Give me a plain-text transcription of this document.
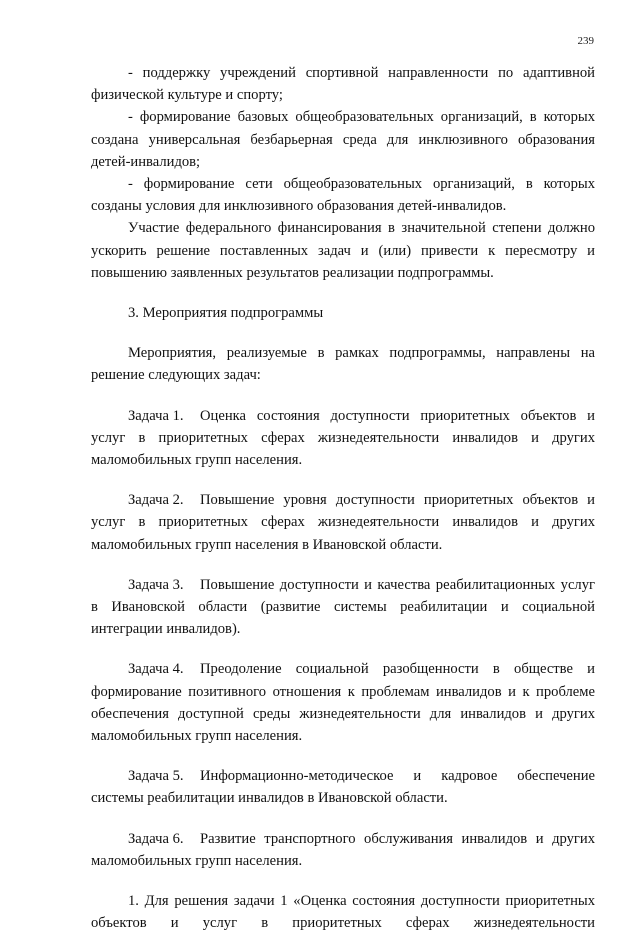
239

- поддержку учреждений спортивной направленности по адаптивной физической культуре и спорту;

- формирование базовых общеобразовательных организаций, в которых создана универсальная безбарьерная среда для инклюзивного образования детей-инвалидов;

- формирование сети общеобразовательных организаций, в которых созданы условия для инклюзивного образования детей-инвалидов.

Участие федерального финансирования в значительной степени должно ускорить решение поставленных задач и (или) привести к пересмотру и повышению заявленных результатов реализации подпрограммы.

3. Мероприятия подпрограммы

Мероприятия, реализуемые в рамках подпрограммы, направлены на решение следующих задач:

Задача 1. Оценка состояния доступности приоритетных объектов и услуг в приоритетных сферах жизнедеятельности инвалидов и других маломобильных групп населения.

Задача 2. Повышение уровня доступности приоритетных объектов и услуг в приоритетных сферах жизнедеятельности инвалидов и других маломобильных групп населения в Ивановской области.

Задача 3. Повышение доступности и качества реабилитационных услуг в Ивановской области (развитие системы реабилитации и социальной интеграции инвалидов).

Задача 4. Преодоление социальной разобщенности в обществе и формирование позитивного отношения к проблемам инвалидов и к проблеме обеспечения доступной среды жизнедеятельности для инвалидов и других маломобильных групп населения.

Задача 5. Информационно-методическое и кадровое обеспечение системы реабилитации инвалидов в Ивановской области.

Задача 6. Развитие транспортного обслуживания инвалидов и других маломобильных групп населения.

1. Для решения задачи 1 «Оценка состояния доступности приоритетных объектов и услуг в приоритетных сферах жизнедеятельности
